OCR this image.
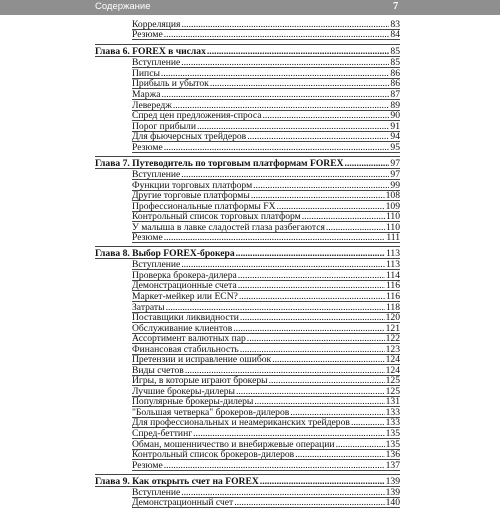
Содержание	7
Корреляция .....	83
Резюме .....	84
Глава 6. FOREX в числах .....	85
Вступление .....	85
Пипсы .....	86
Прибыль и убыток .....	86
Маржа .....	87
Левередж .....	89
Спред цен предложения-спроса .....	90
Порог прибыли .....	91
Для фьючерсных трейдеров .....	94
Резюме .....	95
Глава 7. Путеводитель по торговым платформам FOREX .....	97
Вступление .....	97
Функции торговых платформ .....	99
Другие торговые платформы .....	108
Профессиональные платформы FX .....	109
Контрольный список торговых платформ .....	110
У малыша в лавке сладостей глаза разбегаются .....	110
Резюме .....	111
Глава 8. Выбор FOREX-брокера .....	113
Вступление .....	113
Проверка брокера-дилера .....	114
Демонстрационные счета .....	116
Маркет-мейкер или ECN? .....	116
Затраты .....	118
Поставщики ликвидности .....	120
Обслуживание клиентов .....	121
Ассортимент валютных пар .....	122
Финансовая стабильность .....	123
Претензии и исправление ошибок .....	124
Виды счетов .....	124
Игры, в которые играют брокеры .....	125
Лучшие брокеры-дилеры .....	125
Популярные брокеры-дилеры .....	131
"Большая четверка" брокеров-дилеров .....	133
Для профессиональных и неамериканских трейдеров .....	133
Спред-беттинг .....	135
Обман, мошенничество и внебиржевые операции .....	135
Контрольный список брокеров-дилеров .....	136
Резюме .....	137
Глава 9. Как открыть счет на FOREX .....	139
Вступление .....	139
Демонстрационный счет .....	140
